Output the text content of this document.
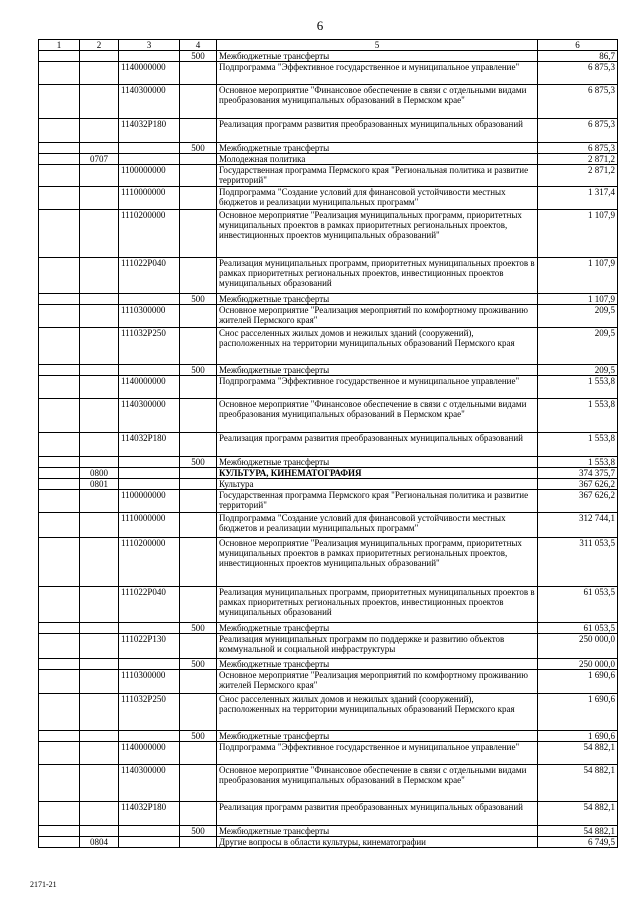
6
1	2	3	4	5	6
			500	Межбюджетные трансферты	86,7
		1140000000		Подпрограмма "Эффективное государственное и муниципальное управление"	6 875,3
		1140300000		Основное мероприятие "Финансовое обеспечение в связи с отдельными видами преобразования муниципальных образований в Пермском крае"	6 875,3
		114032P180		Реализация программ развития преобразованных муниципальных образований	6 875,3
			500	Межбюджетные трансферты	6 875,3
	0707			Молодежная политика	2 871,2
		1100000000		Государственная программа Пермского края "Региональная политика и развитие территорий"	2 871,2
		1110000000		Подпрограмма "Создание условий для финансовой устойчивости местных бюджетов и реализации муниципальных программ"	1 317,4
		1110200000		Основное мероприятие "Реализация муниципальных программ, приоритетных муниципальных проектов в рамках приоритетных региональных проектов, инвестиционных проектов муниципальных образований"	1 107,9
		111022P040		Реализация муниципальных программ, приоритетных муниципальных проектов в рамках приоритетных региональных проектов, инвестиционных проектов муниципальных образований	1 107,9
			500	Межбюджетные трансферты	1 107,9
		1110300000		Основное мероприятие "Реализация мероприятий по комфортному проживанию жителей Пермского края"	209,5
		111032P250		Снос расселенных жилых домов и нежилых зданий (сооружений), расположенных на территории муниципальных образований Пермского края	209,5
			500	Межбюджетные трансферты	209,5
		1140000000		Подпрограмма "Эффективное государственное и муниципальное управление"	1 553,8
		1140300000		Основное мероприятие "Финансовое обеспечение в связи с отдельными видами преобразования муниципальных образований в Пермском крае"	1 553,8
		114032P180		Реализация программ развития преобразованных муниципальных образований	1 553,8
			500	Межбюджетные трансферты	1 553,8
	0800			КУЛЬТУРА, КИНЕМАТОГРАФИЯ	374 375,7
	0801			Культура	367 626,2
		1100000000		Государственная программа Пермского края "Региональная политика и развитие территорий"	367 626,2
		1110000000		Подпрограмма "Создание условий для финансовой устойчивости местных бюджетов и реализации муниципальных программ"	312 744,1
		1110200000		Основное мероприятие "Реализация муниципальных программ, приоритетных муниципальных проектов в рамках приоритетных региональных проектов, инвестиционных проектов муниципальных образований"	311 053,5
		111022P040		Реализация муниципальных программ, приоритетных муниципальных проектов в рамках приоритетных региональных проектов, инвестиционных проектов муниципальных образований	61 053,5
			500	Межбюджетные трансферты	61 053,5
		111022P130		Реализация муниципальных программ по поддержке и развитию объектов коммунальной и социальной инфраструктуры	250 000,0
			500	Межбюджетные трансферты	250 000,0
		1110300000		Основное мероприятие "Реализация мероприятий по комфортному проживанию жителей Пермского края"	1 690,6
		111032P250		Снос расселенных жилых домов и нежилых зданий (сооружений), расположенных на территории муниципальных образований Пермского края	1 690,6
			500	Межбюджетные трансферты	1 690,6
		1140000000		Подпрограмма "Эффективное государственное и муниципальное управление"	54 882,1
		1140300000		Основное мероприятие "Финансовое обеспечение в связи с отдельными видами преобразования муниципальных образований в Пермском крае"	54 882,1
		114032P180		Реализация программ развития преобразованных муниципальных образований	54 882,1
			500	Межбюджетные трансферты	54 882,1
	0804			Другие вопросы в области культуры, кинематографии	6 749,5
2171-21
